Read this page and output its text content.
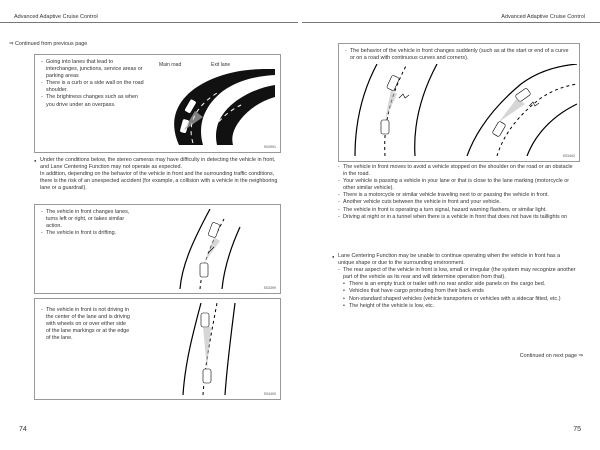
Advanced Adaptive Cruise Control	Advanced Adaptive Cruise Control
⇒ Continued from previous page
- Going into lanes that lead to interchanges, junctions, service areas or parking areas
- There is a curb or a side wall on the road shoulder.
- The brightness changes such as when you drive under an overpass.
Main road	Exit lane
S03991
● Under the conditions below, the stereo cameras may have difficulty in detecting the vehicle in front, and Lane Centering Function may not operate as expected.
In addition, depending on the behavior of the vehicle in front and the surrounding traffic conditions, there is the risk of an unexpected accident (for example, a collision with a vehicle in the neighboring lane or a guardrail).
- The vehicle in front changes lanes, turns left or right, or takes similar action.
- The vehicle in front is drifting.
S03399
- The vehicle in front is not driving in the center of the lane and is driving with wheels on or over either side of the lane markings or at the edge of the lane.
S03400
74
- The behavior of the vehicle in front changes suddenly (such as at the start or end of a curve or on a road with continuous curves and corners).
S03402
- The vehicle in front moves to avoid a vehicle stopped on the shoulder on the road or an obstacle in the road.
- Your vehicle is passing a vehicle in your lane or that is close to the lane marking (motorcycle or other similar vehicle).
- There is a motorcycle or similar vehicle traveling next to or passing the vehicle in front.
- Another vehicle cuts between the vehicle in front and your vehicle.
- The vehicle in front is operating a turn signal, hazard warning flashers, or similar light.
- Driving at night or in a tunnel when there is a vehicle in front that does not have its taillights on
● Lane Centering Function may be unable to continue operating when the vehicle in front has a unique shape or due to the surrounding environment.
- The rear aspect of the vehicle in front is low, small or irregular (the system may recognize another part of the vehicle as its rear and will determine operation from that).
• There is an empty truck or trailer with no rear and/or side panels on the cargo bed.
• Vehicles that have cargo protruding from their back ends
• Non-standard shaped vehicles (vehicle transporters or vehicles with a sidecar fitted, etc.)
• The height of the vehicle is low, etc.
Continued on next page ⇒
75
